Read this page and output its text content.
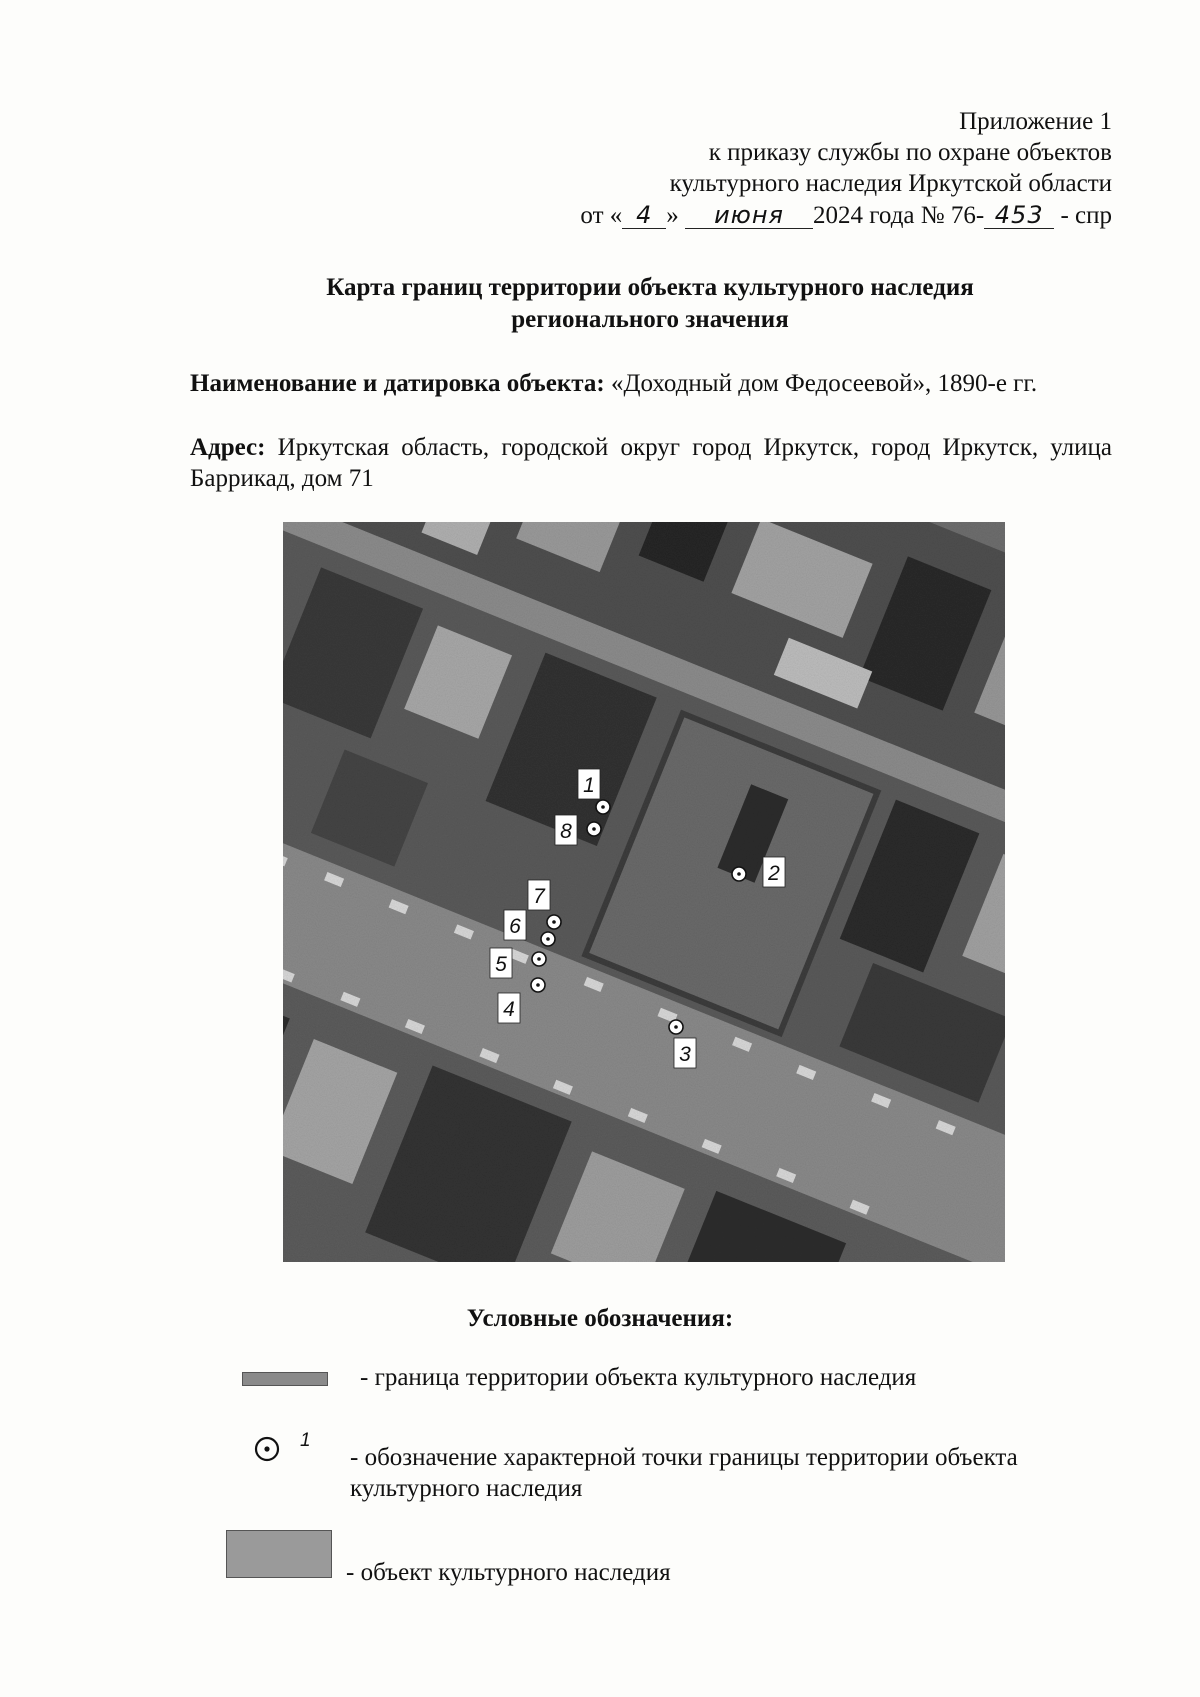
Приложение 1
к приказу службы по охране объектов
культурного наследия Иркутской области
от « 4 » июня 2024 года № 76- 453 - спр
Карта границ территории объекта культурного наследия
регионального значения

Наименование и датировка объекта: «Доходный дом Федосеевой», 1890-е гг.

Адрес: Иркутская область, городской округ город Иркутск, город Иркутск, улица Баррикад, дом 71

1
2
3
4
5
6
7
8
Условные обозначения:

- граница территории объекта культурного наследия

1

- обозначение характерной точки границы территории объекта культурного наследия

- объект культурного наследия
